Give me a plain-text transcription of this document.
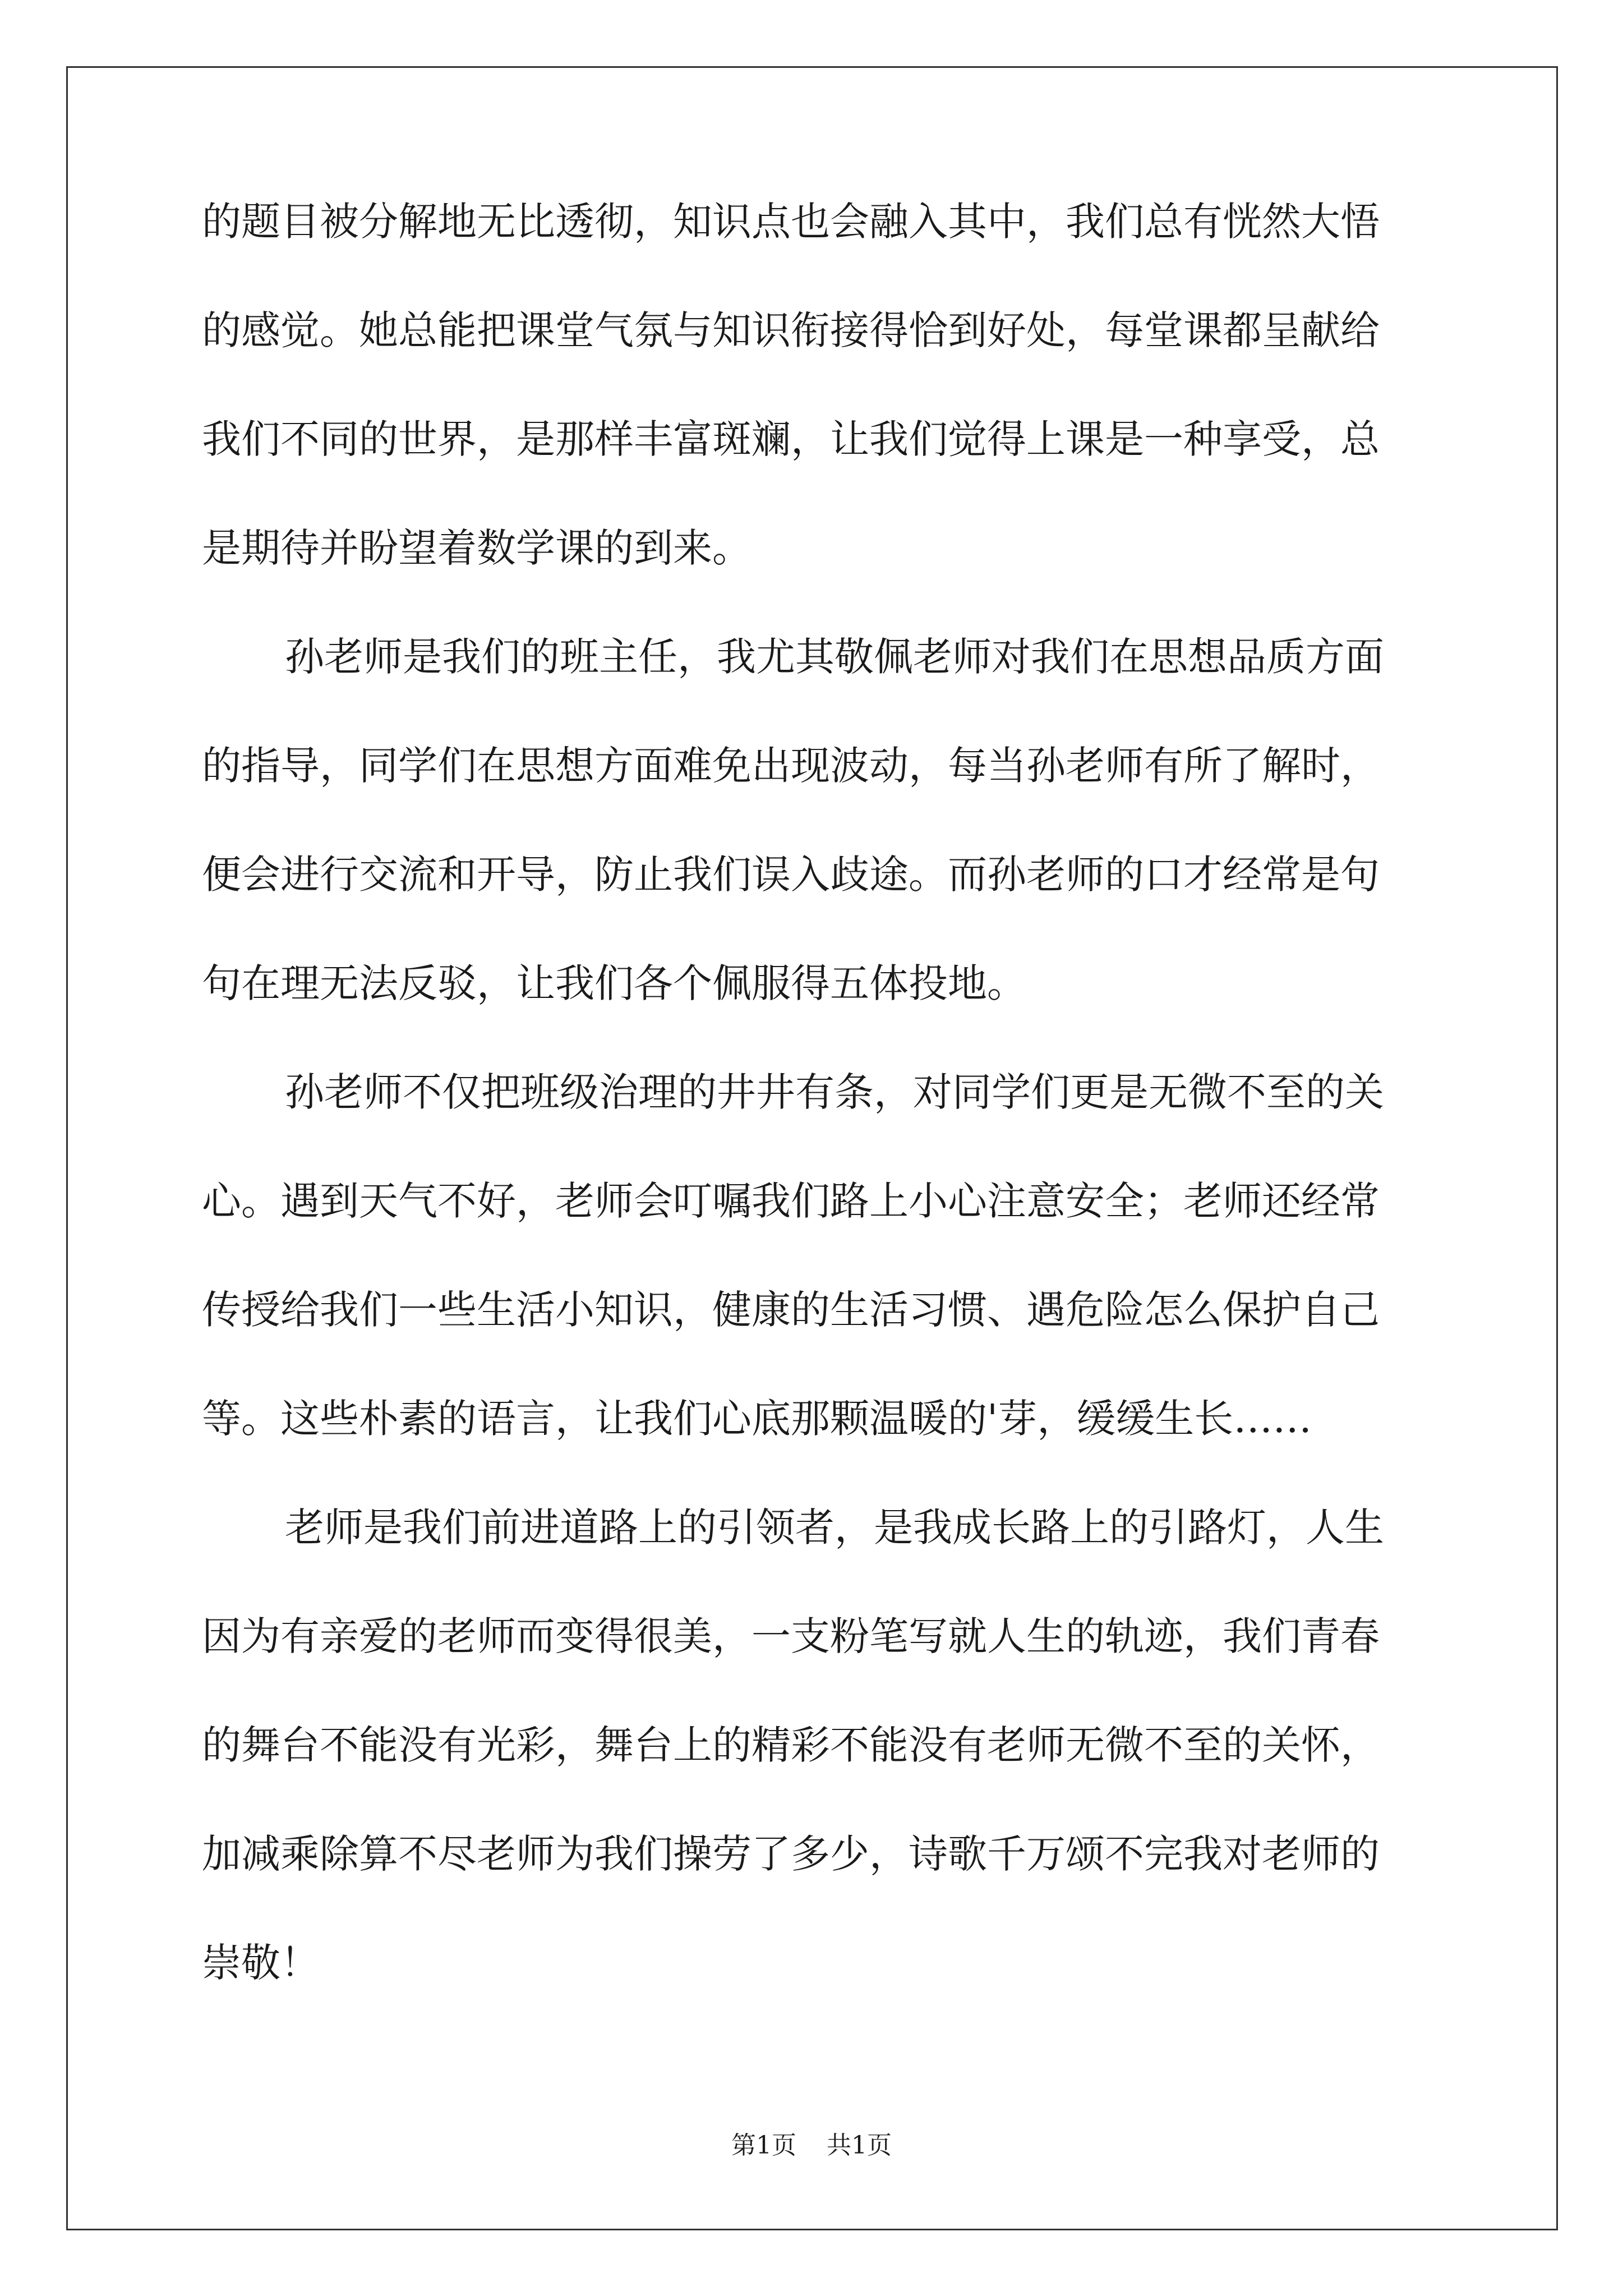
的题目被分解地无比透彻，知识点也会融入其中，我们总有恍然大悟
的感觉。她总能把课堂气氛与知识衔接得恰到好处，每堂课都呈献给
我们不同的世界，是那样丰富斑斓，让我们觉得上课是一种享受，总
是期待并盼望着数学课的到来。
孙老师是我们的班主任，我尤其敬佩老师对我们在思想品质方面
的指导，同学们在思想方面难免出现波动，每当孙老师有所了解时，
便会进行交流和开导，防止我们误入歧途。而孙老师的口才经常是句
句在理无法反驳，让我们各个佩服得五体投地。
孙老师不仅把班级治理的井井有条，对同学们更是无微不至的关
心。遇到天气不好，老师会叮嘱我们路上小心注意安全；老师还经常
传授给我们一些生活小知识，健康的生活习惯、遇危险怎么保护自己
等。这些朴素的语言，让我们心底那颗温暖的'芽，缓缓生长……
老师是我们前进道路上的引领者，是我成长路上的引路灯，人生
因为有亲爱的老师而变得很美，一支粉笔写就人生的轨迹，我们青春
的舞台不能没有光彩，舞台上的精彩不能没有老师无微不至的关怀，
加减乘除算不尽老师为我们操劳了多少，诗歌千万颂不完我对老师的
崇敬！
第1页 共1页
